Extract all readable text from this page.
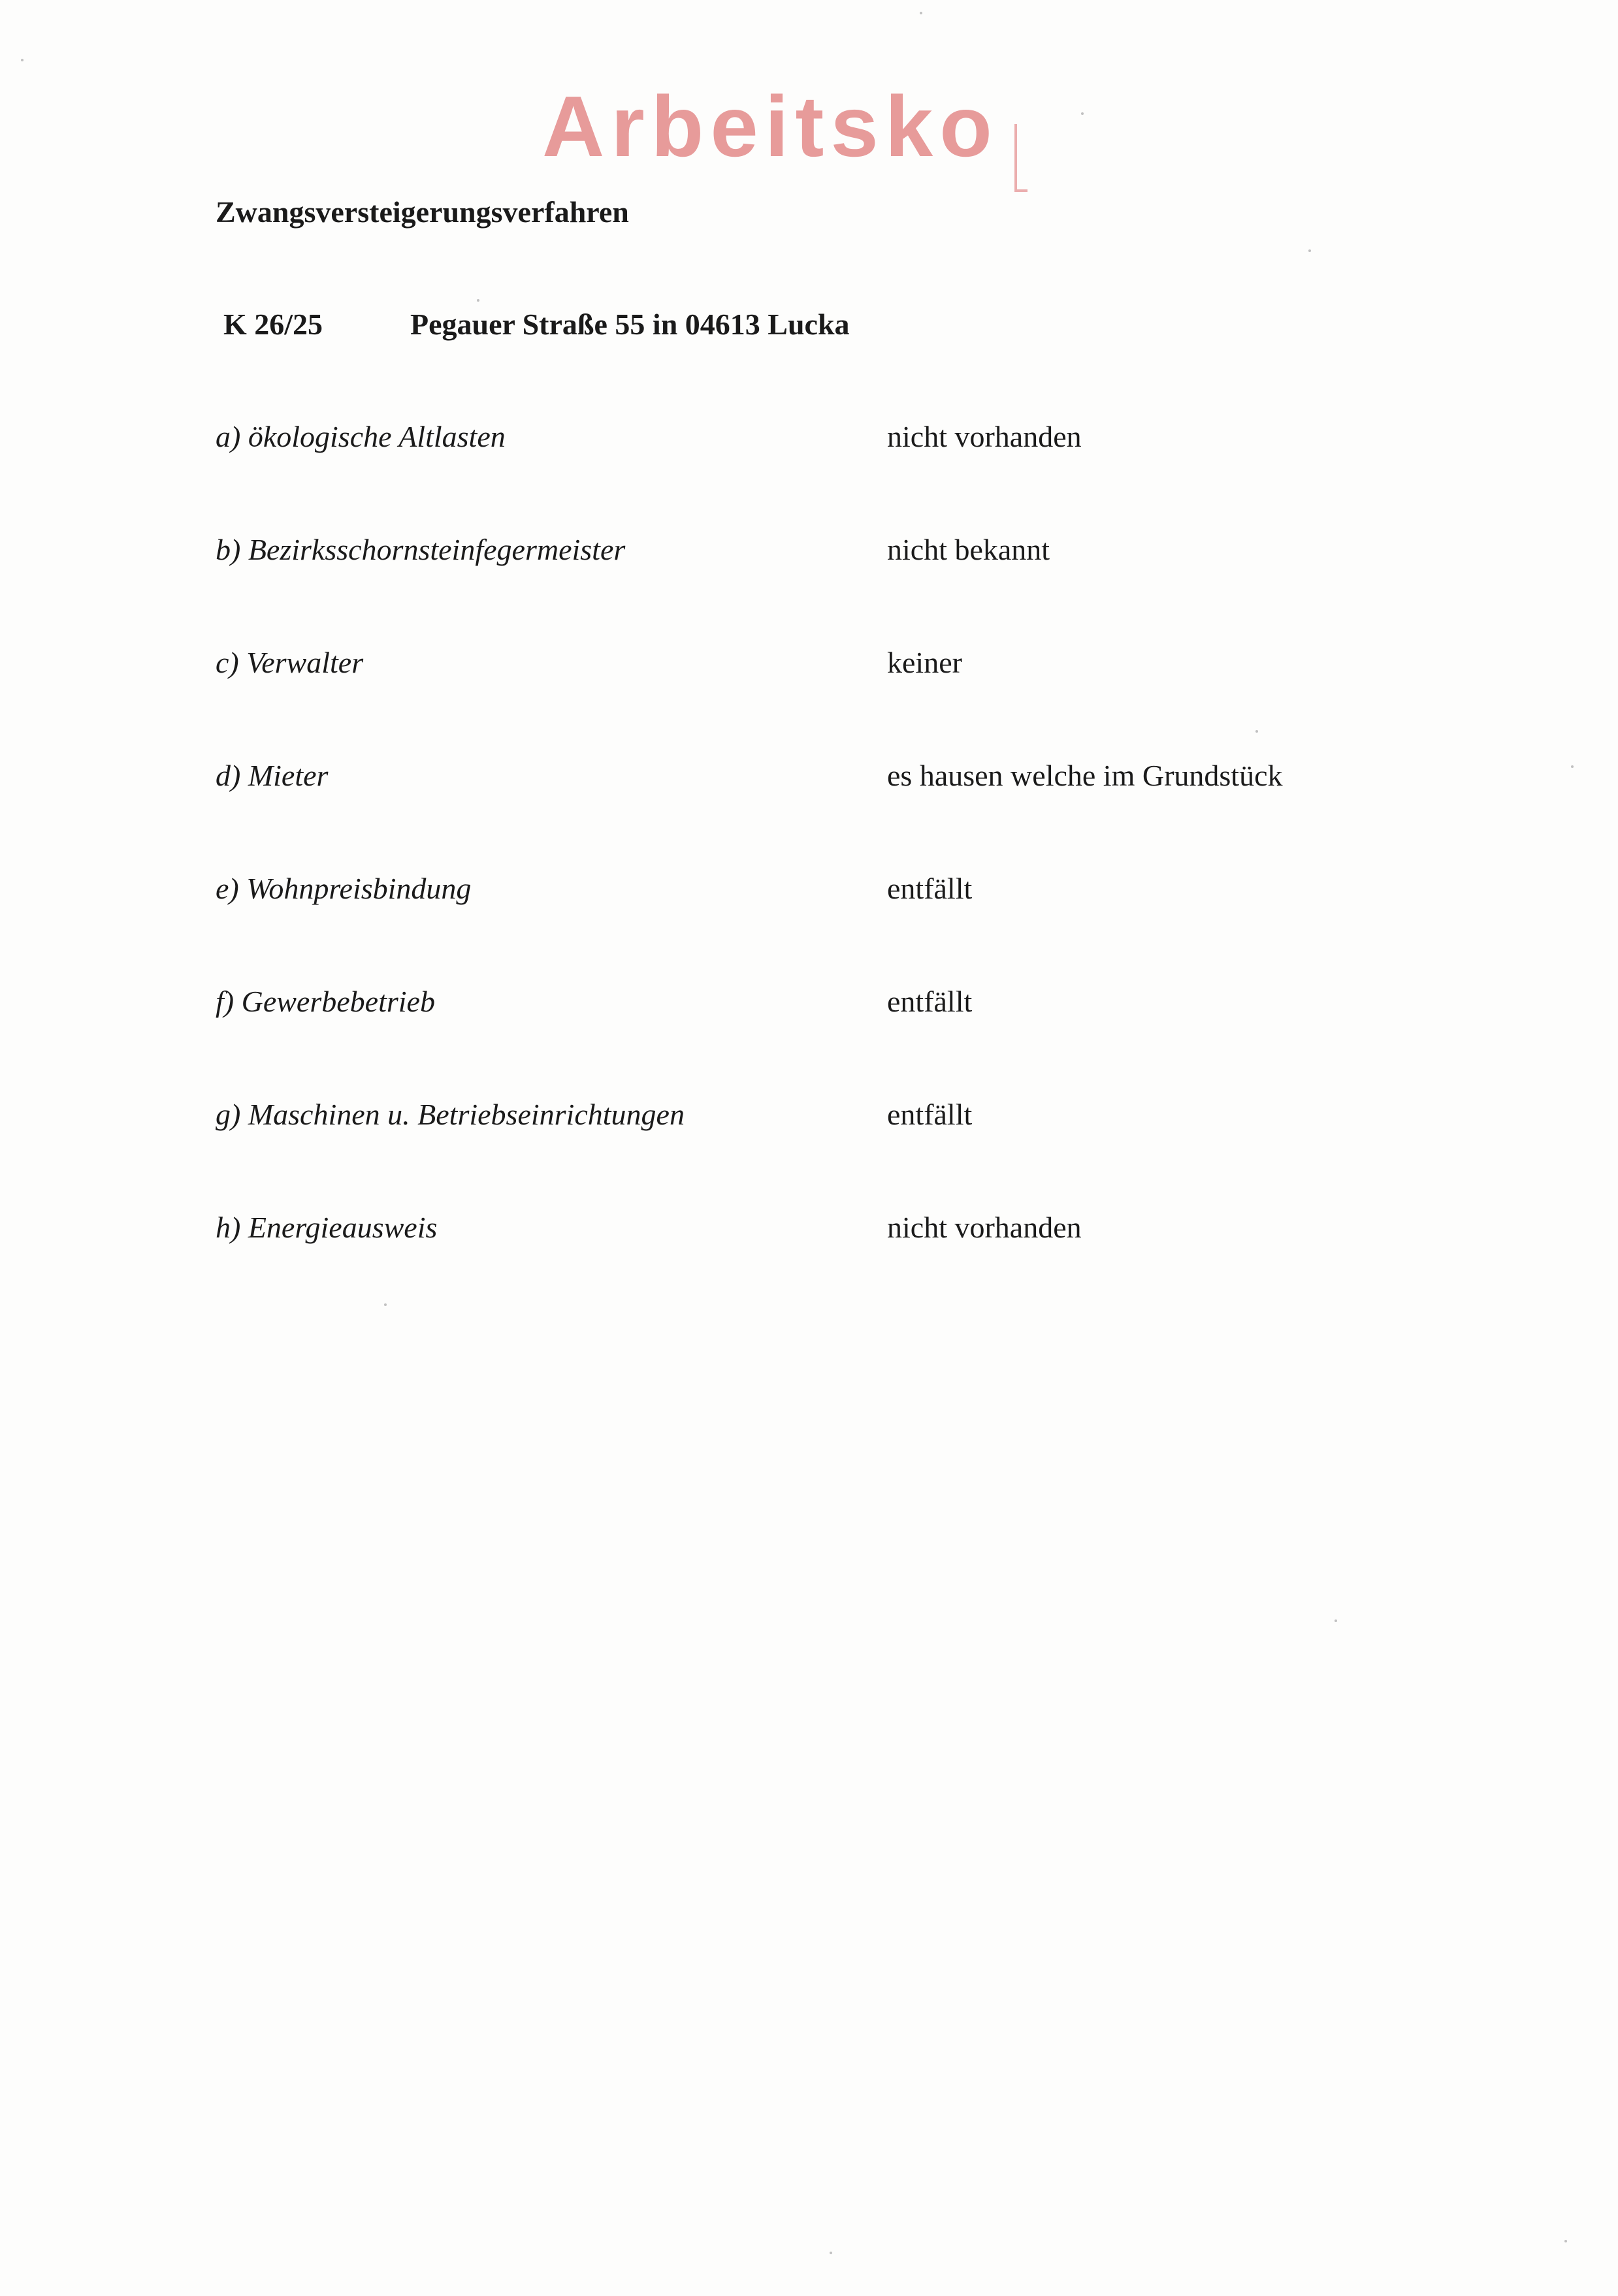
Arbeitsko
Zwangsversteigerungsverfahren
K 26/25	Pegauer Straße 55 in 04613 Lucka
a) ökologische Altlasten	nicht vorhanden
b) Bezirksschornsteinfegermeister	nicht bekannt
c) Verwalter	keiner
d) Mieter	es hausen welche im Grundstück
e) Wohnpreisbindung	entfällt
f) Gewerbebetrieb	entfällt
g) Maschinen u. Betriebseinrichtungen	entfällt
h) Energieausweis	nicht vorhanden
